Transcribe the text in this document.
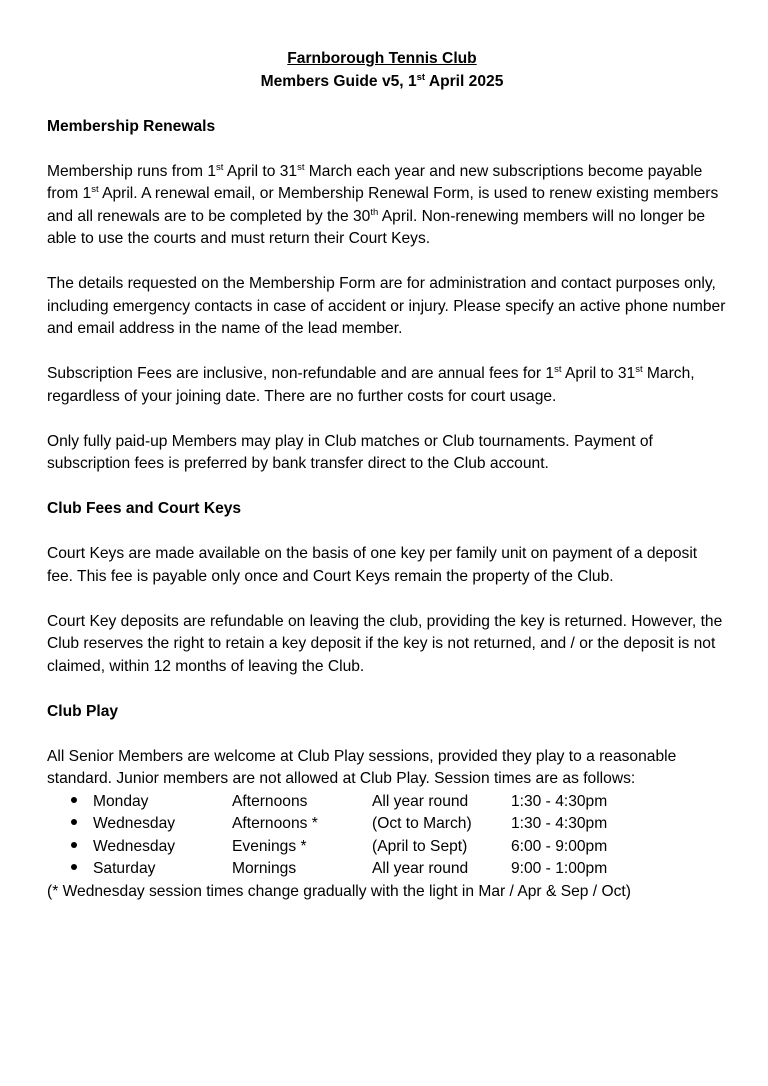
Farnborough Tennis Club
Members Guide v5, 1st April 2025
Membership Renewals
Membership runs from 1st April to 31st March each year and new subscriptions become payable from 1st April. A renewal email, or Membership Renewal Form, is used to renew existing members and all renewals are to be completed by the 30th April. Non-renewing members will no longer be able to use the courts and must return their Court Keys.
The details requested on the Membership Form are for administration and contact purposes only, including emergency contacts in case of accident or injury. Please specify an active phone number and email address in the name of the lead member.
Subscription Fees are inclusive, non-refundable and are annual fees for 1st April to 31st March, regardless of your joining date. There are no further costs for court usage.
Only fully paid-up Members may play in Club matches or Club tournaments. Payment of subscription fees is preferred by bank transfer direct to the Club account.
Club Fees and Court Keys
Court Keys are made available on the basis of one key per family unit on payment of a deposit fee. This fee is payable only once and Court Keys remain the property of the Club.
Court Key deposits are refundable on leaving the club, providing the key is returned. However, the Club reserves the right to retain a key deposit if the key is not returned, and / or the deposit is not claimed, within 12 months of leaving the Club.
Club Play
All Senior Members are welcome at Club Play sessions, provided they play to a reasonable standard. Junior members are not allowed at Club Play. Session times are as follows:
Monday	Afternoons	All year round	1:30 - 4:30pm
Wednesday	Afternoons *	(Oct to March)	1:30 - 4:30pm
Wednesday	Evenings *	(April to Sept)	6:00 - 9:00pm
Saturday	Mornings	All year round	9:00 - 1:00pm
(* Wednesday session times change gradually with the light in Mar / Apr & Sep / Oct)
